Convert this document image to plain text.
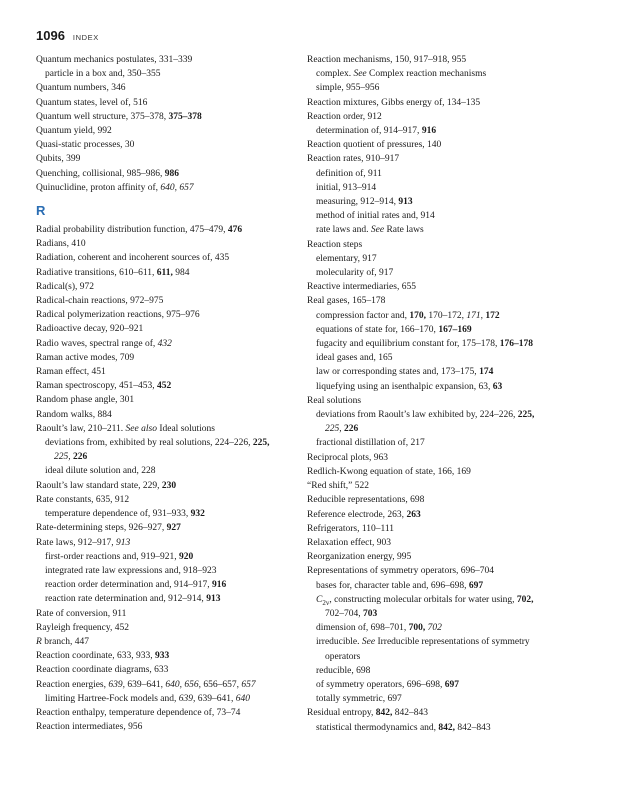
1096 INDEX
Quantum mechanics postulates, 331–339
particle in a box and, 350–355
Quantum numbers, 346
Quantum states, level of, 516
Quantum well structure, 375–378, 375–378
Quantum yield, 992
Quasi-static processes, 30
Qubits, 399
Quenching, collisional, 985–986, 986
Quinuclidine, proton affinity of, 640, 657
R
Radial probability distribution function, 475–479, 476
Radians, 410
Radiation, coherent and incoherent sources of, 435
Radiative transitions, 610–611, 611, 984
Radical(s), 972
Radical-chain reactions, 972–975
Radical polymerization reactions, 975–976
Radioactive decay, 920–921
Radio waves, spectral range of, 432
Raman active modes, 709
Raman effect, 451
Raman spectroscopy, 451–453, 452
Random phase angle, 301
Random walks, 884
Raoult’s law, 210–211. See also Ideal solutions
deviations from, exhibited by real solutions, 224–226, 225,
225, 226
ideal dilute solution and, 228
Raoult’s law standard state, 229, 230
Rate constants, 635, 912
temperature dependence of, 931–933, 932
Rate-determining steps, 926–927, 927
Rate laws, 912–917, 913
first-order reactions and, 919–921, 920
integrated rate law expressions and, 918–923
reaction order determination and, 914–917, 916
reaction rate determination and, 912–914, 913
Rate of conversion, 911
Rayleigh frequency, 452
R branch, 447
Reaction coordinate, 633, 933, 933
Reaction coordinate diagrams, 633
Reaction energies, 639, 639–641, 640, 656, 656–657, 657
limiting Hartree-Fock models and, 639, 639–641, 640
Reaction enthalpy, temperature dependence of, 73–74
Reaction intermediates, 956
Reaction mechanisms, 150, 917–918, 955
complex. See Complex reaction mechanisms
simple, 955–956
Reaction mixtures, Gibbs energy of, 134–135
Reaction order, 912
determination of, 914–917, 916
Reaction quotient of pressures, 140
Reaction rates, 910–917
definition of, 911
initial, 913–914
measuring, 912–914, 913
method of initial rates and, 914
rate laws and. See Rate laws
Reaction steps
elementary, 917
molecularity of, 917
Reactive intermediaries, 655
Real gases, 165–178
compression factor and, 170, 170–172, 171, 172
equations of state for, 166–170, 167–169
fugacity and equilibrium constant for, 175–178, 176–178
ideal gases and, 165
law or corresponding states and, 173–175, 174
liquefying using an isenthalpic expansion, 63, 63
Real solutions
deviations from Raoult’s law exhibited by, 224–226, 225,
225, 226
fractional distillation of, 217
Reciprocal plots, 963
Redlich-Kwong equation of state, 166, 169
“Red shift,” 522
Reducible representations, 698
Reference electrode, 263, 263
Refrigerators, 110–111
Relaxation effect, 903
Reorganization energy, 995
Representations of symmetry operators, 696–704
bases for, character table and, 696–698, 697
$C_{2v}$, constructing molecular orbitals for water using, 702,
702–704, 703
dimension of, 698–701, 700, 702
irreducible. See Irreducible representations of symmetry
operators
reducible, 698
of symmetry operators, 696–698, 697
totally symmetric, 697
Residual entropy, 842, 842–843
statistical thermodynamics and, 842, 842–843
